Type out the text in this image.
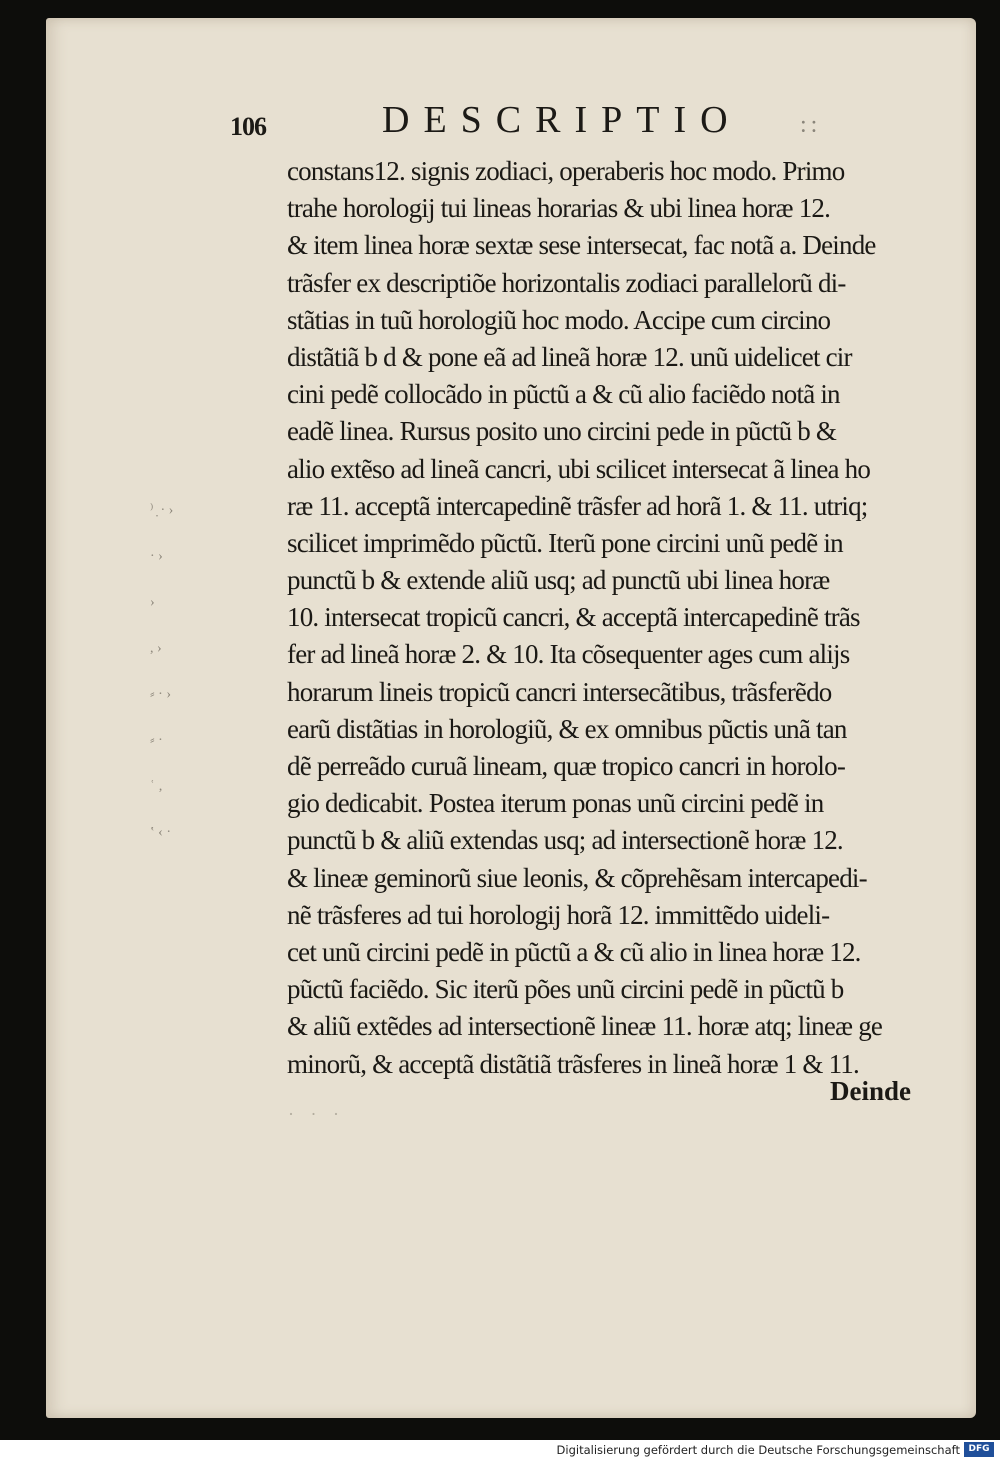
106	DESCRIPTIO ::
⁾ ̣ · ›
· ›
›
, ›
⸗ · ›
⸗ ·
ʿ ‚
‛ ‹ ·
constans12. signis zodiaci, operaberis hoc modo. Primo
trahe horologij tui lineas horarias & ubi linea horæ 12.
& item linea horæ sextæ sese intersecat, fac notã a. Deinde
trãsfer ex descriptiõe horizontalis zodiaci parallelorũ di-
stãtias in tuũ horologiũ hoc modo. Accipe cum circino
distãtiã b d & pone eã ad lineã horæ 12. unũ uidelicet cir
cini pedẽ collocãdo in pũctũ a & cũ alio faciẽdo notã in
eadẽ linea. Rursus posito uno circini pede in pũctũ b &
alio extẽso ad lineã cancri, ubi scilicet intersecat ã linea ho
ræ 11. acceptã intercapedinẽ trãsfer ad horã 1. & 11. utriq;
scilicet imprimẽdo pũctũ. Iterũ pone circini unũ pedẽ in
punctũ b & extende aliũ usq; ad punctũ ubi linea horæ
10. intersecat tropicũ cancri, & acceptã intercapedinẽ trãs
fer ad lineã horæ 2. & 10. Ita cõsequenter ages cum alijs
horarum lineis tropicũ cancri intersecãtibus, trãsferẽdo
earũ distãtias in horologiũ, & ex omnibus pũctis unã tan
dẽ perreãdo curuã lineam, quæ tropico cancri in horolo-
gio dedicabit. Postea iterum ponas unũ circini pedẽ in
punctũ b & aliũ extendas usq; ad intersectionẽ horæ 12.
& lineæ geminorũ siue leonis, & cõprehẽsam intercapedi-
nẽ trãsferes ad tui horologij horã 12. immittẽdo uideli-
cet unũ circini pedẽ in pũctũ a & cũ alio in linea horæ 12.
pũctũ faciẽdo. Sic iterũ pões unũ circini pedẽ in pũctũ b
& aliũ extẽdes ad intersectionẽ lineæ 11. horæ atq; lineæ ge
minorũ, & acceptã distãtiã trãsferes in lineã horæ 1 & 11.
Deinde
· · ·
Digitalisierung gefördert durch die Deutsche Forschungsgemeinschaft DFG
